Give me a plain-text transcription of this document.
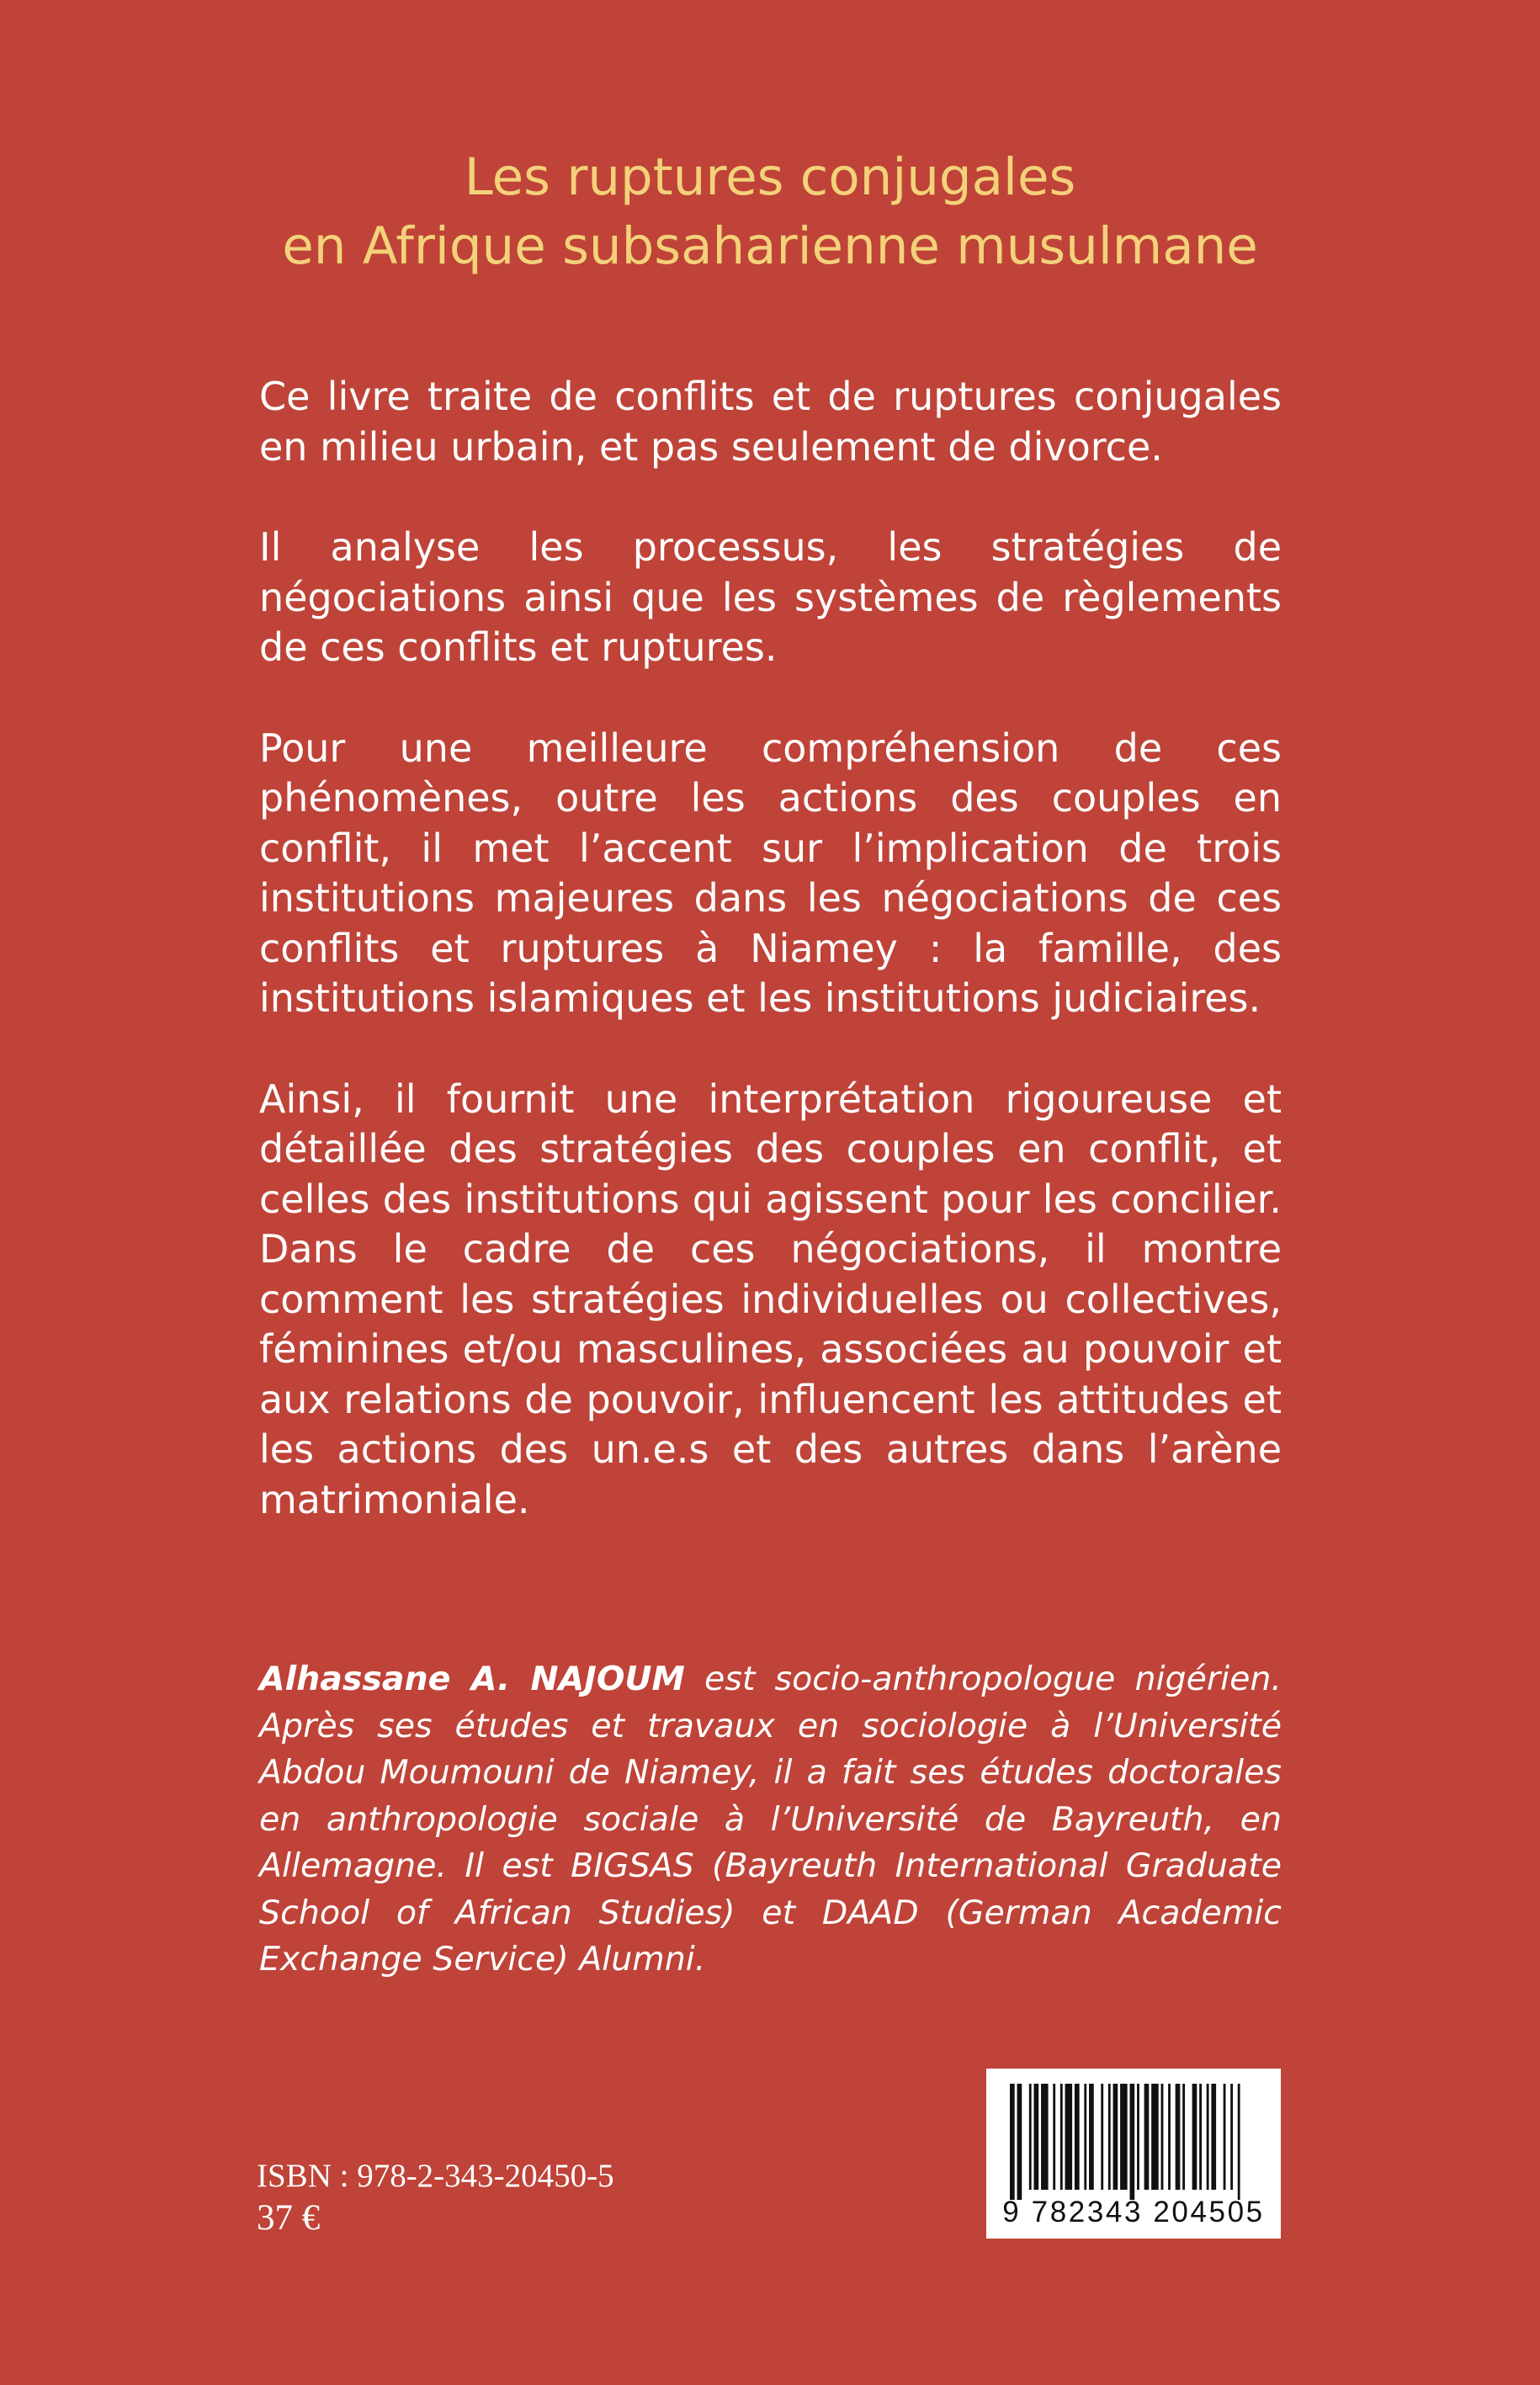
Les ruptures conjugales
en Afrique subsaharienne musulmane

Ce livre traite de conflits et de ruptures conjugales en milieu urbain, et pas seulement de divorce.

Il analyse les processus, les stratégies de négociations ainsi que les systèmes de règlements de ces conflits et ruptures.

Pour une meilleure compréhension de ces phénomènes, outre les actions des couples en conflit, il met l’accent sur l’implication de trois institutions majeures dans les négociations de ces conflits et ruptures à Niamey : la famille, des institutions islamiques et les institutions judiciaires.

Ainsi, il fournit une interprétation rigoureuse et détaillée des stratégies des couples en conflit, et celles des institutions qui agissent pour les concilier. Dans le cadre de ces négociations, il montre comment les stratégies individuelles ou collectives, féminines et/ou masculines, associées au pouvoir et aux relations de pouvoir, influencent les attitudes et les actions des un.e.s et des autres dans l’arène matrimoniale.

Alhassane A. NAJOUM est socio-anthropologue nigérien. Après ses études et travaux en sociologie à l’Université Abdou Moumouni de Niamey, il a fait ses études doctorales en anthropologie sociale à l’Université de Bayreuth, en Allemagne. Il est BIGSAS (Bayreuth International Graduate School of African Studies) et DAAD (German Academic Exchange Service) Alumni.

ISBN : 978-2-343-20450-5
37 €	9 782343 204505
